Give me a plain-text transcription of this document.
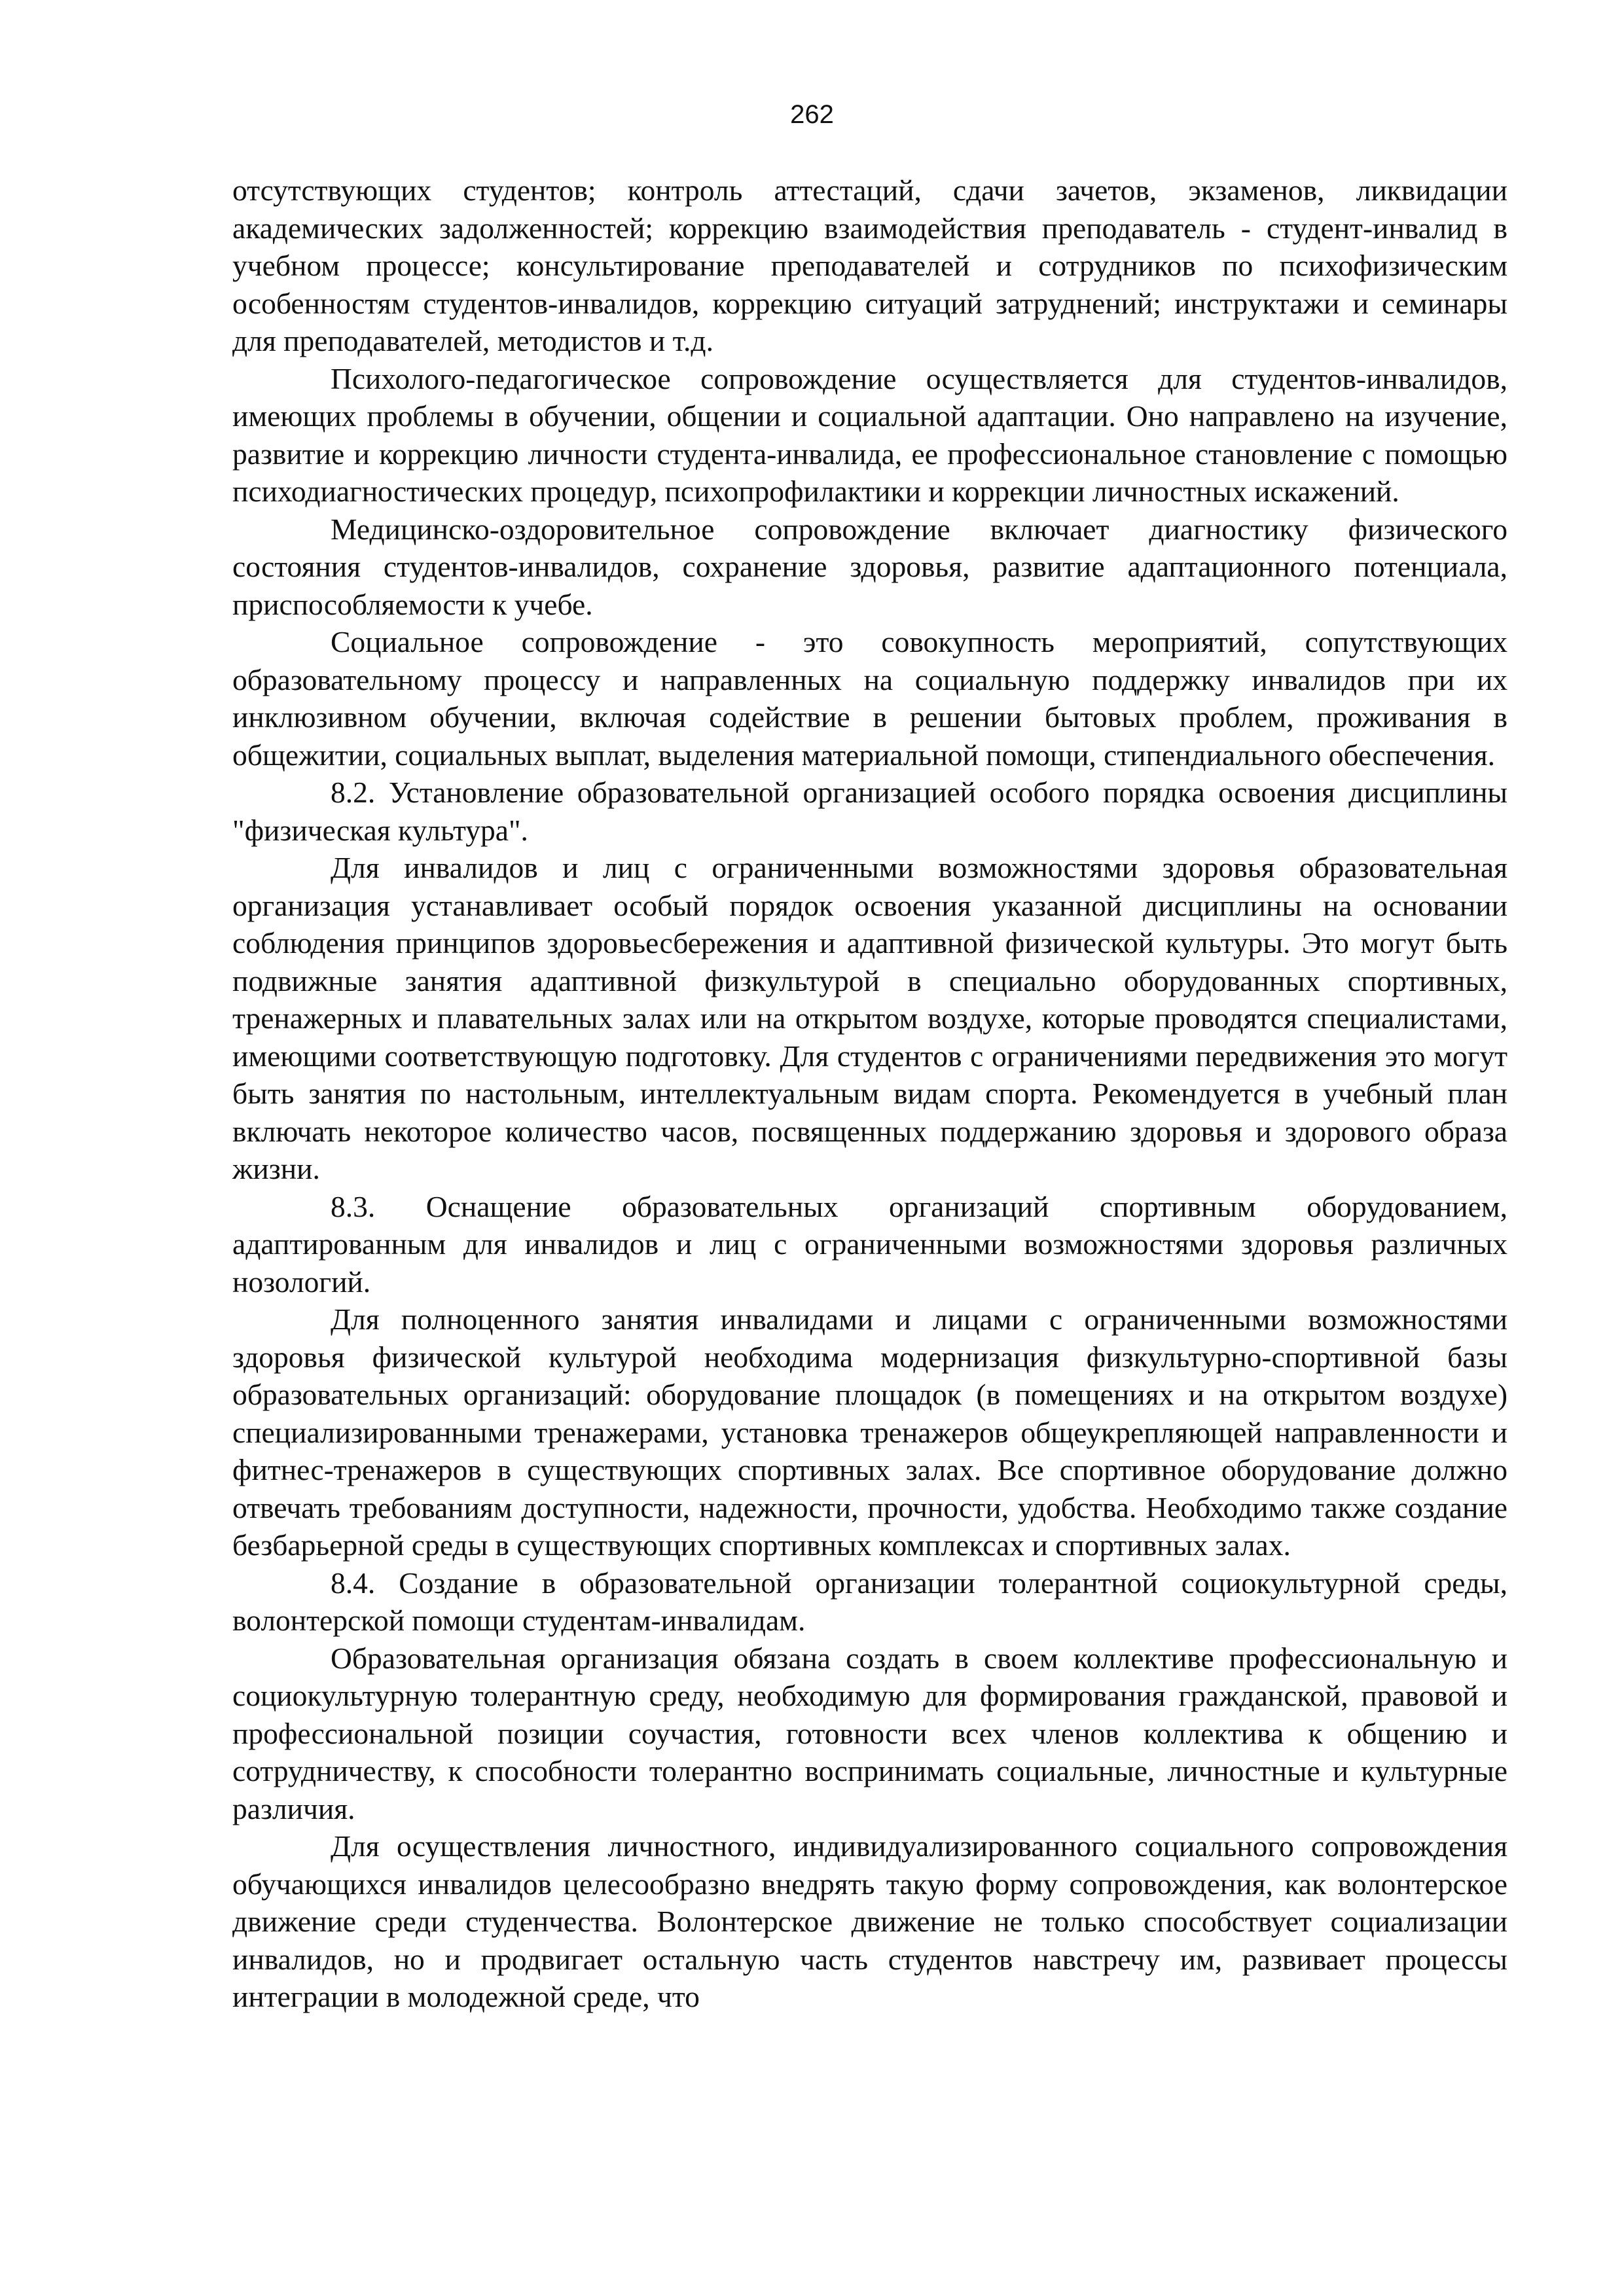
262

отсутствующих студентов; контроль аттестаций, сдачи зачетов, экзаменов, ликвидации академических задолженностей; коррекцию взаимодействия преподаватель - студент-инвалид в учебном процессе; консультирование преподавателей и сотрудников по психофизическим особенностям студентов-инвалидов, коррекцию ситуаций затруднений; инструктажи и семинары для преподавателей, методистов и т.д.

Психолого-педагогическое сопровождение осуществляется для студентов-инвалидов, имеющих проблемы в обучении, общении и социальной адаптации. Оно направлено на изучение, развитие и коррекцию личности студента-инвалида, ее профессиональное становление с помощью психодиагностических процедур, психопрофилактики и коррекции личностных искажений.

Медицинско-оздоровительное сопровождение включает диагностику физического состояния студентов-инвалидов, сохранение здоровья, развитие адаптационного потенциала, приспособляемости к учебе.

Социальное сопровождение - это совокупность мероприятий, сопутствующих образовательному процессу и направленных на социальную поддержку инвалидов при их инклюзивном обучении, включая содействие в решении бытовых проблем, проживания в общежитии, социальных выплат, выделения материальной помощи, стипендиального обеспечения.

8.2. Установление образовательной организацией особого порядка освоения дисциплины "физическая культура".

Для инвалидов и лиц с ограниченными возможностями здоровья образовательная организация устанавливает особый порядок освоения указанной дисциплины на основании соблюдения принципов здоровьесбережения и адаптивной физической культуры. Это могут быть подвижные занятия адаптивной физкультурой в специально оборудованных спортивных, тренажерных и плавательных залах или на открытом воздухе, которые проводятся специалистами, имеющими соответствующую подготовку. Для студентов с ограничениями передвижения это могут быть занятия по настольным, интеллектуальным видам спорта. Рекомендуется в учебный план включать некоторое количество часов, посвященных поддержанию здоровья и здорового образа жизни.

8.3. Оснащение образовательных организаций спортивным оборудованием, адаптированным для инвалидов и лиц с ограниченными возможностями здоровья различных нозологий.

Для полноценного занятия инвалидами и лицами с ограниченными возможностями здоровья физической культурой необходима модернизация физкультурно-спортивной базы образовательных организаций: оборудование площадок (в помещениях и на открытом воздухе) специализированными тренажерами, установка тренажеров общеукрепляющей направленности и фитнес-тренажеров в существующих спортивных залах. Все спортивное оборудование должно отвечать требованиям доступности, надежности, прочности, удобства. Необходимо также создание безбарьерной среды в существующих спортивных комплексах и спортивных залах.

8.4. Создание в образовательной организации толерантной социокультурной среды, волонтерской помощи студентам-инвалидам.

Образовательная организация обязана создать в своем коллективе профессиональную и социокультурную толерантную среду, необходимую для формирования гражданской, правовой и профессиональной позиции соучастия, готовности всех членов коллектива к общению и сотрудничеству, к способности толерантно воспринимать социальные, личностные и культурные различия.

Для осуществления личностного, индивидуализированного социального сопровождения обучающихся инвалидов целесообразно внедрять такую форму сопровождения, как волонтерское движение среди студенчества. Волонтерское движение не только способствует социализации инвалидов, но и продвигает остальную часть студентов навстречу им, развивает процессы интеграции в молодежной среде, что
